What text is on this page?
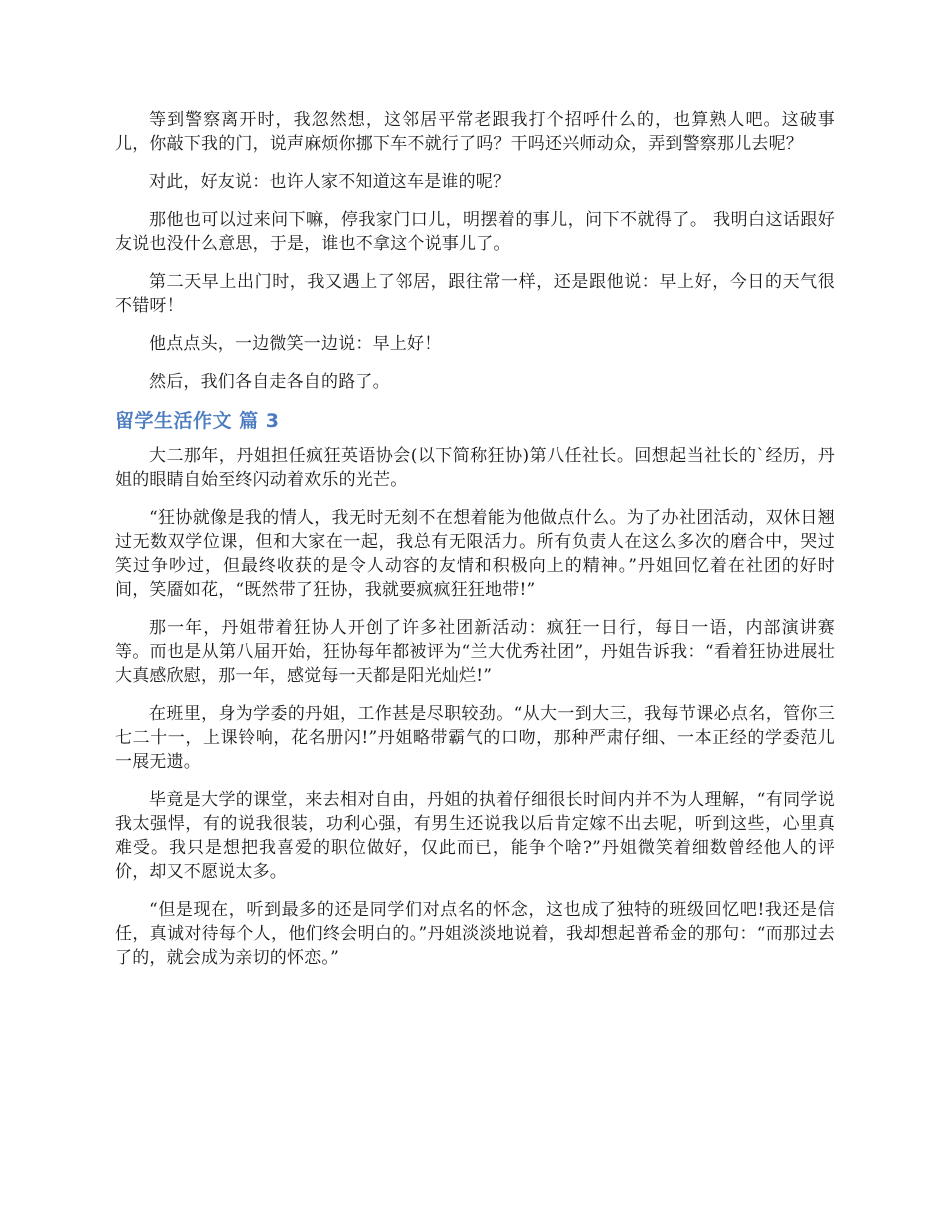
等到警察离开时，我忽然想，这邻居平常老跟我打个招呼什么的，也算熟人吧。这破事儿，你敲下我的门，说声麻烦你挪下车不就行了吗？干吗还兴师动众，弄到警察那儿去呢？

对此，好友说：也许人家不知道这车是谁的呢？

那他也可以过来问下嘛，停我家门口儿，明摆着的事儿，问下不就得了。 我明白这话跟好友说也没什么意思，于是，谁也不拿这个说事儿了。

第二天早上出门时，我又遇上了邻居，跟往常一样，还是跟他说：早上好，今日的天气很不错呀！

他点点头，一边微笑一边说：早上好！

然后，我们各自走各自的路了。

留学生活作文 篇 3

大二那年，丹姐担任疯狂英语协会(以下简称狂协)第八任社长。回想起当社长的`经历，丹姐的眼睛自始至终闪动着欢乐的光芒。

“狂协就像是我的情人，我无时无刻不在想着能为他做点什么。为了办社团活动，双休日翘过无数双学位课，但和大家在一起，我总有无限活力。所有负责人在这么多次的磨合中，哭过笑过争吵过，但最终收获的是令人动容的友情和积极向上的精神。”丹姐回忆着在社团的好时间，笑靥如花，“既然带了狂协，我就要疯疯狂狂地带!”

那一年，丹姐带着狂协人开创了许多社团新活动：疯狂一日行，每日一语，内部演讲赛等。而也是从第八届开始，狂协每年都被评为“兰大优秀社团”，丹姐告诉我：“看着狂协进展壮大真感欣慰，那一年，感觉每一天都是阳光灿烂!”

在班里，身为学委的丹姐，工作甚是尽职较劲。“从大一到大三，我每节课必点名，管你三七二十一，上课铃响，花名册闪!”丹姐略带霸气的口吻，那种严肃仔细、一本正经的学委范儿一展无遗。

毕竟是大学的课堂，来去相对自由，丹姐的执着仔细很长时间内并不为人理解，“有同学说我太强悍，有的说我很装，功利心强，有男生还说我以后肯定嫁不出去呢，听到这些，心里真难受。我只是想把我喜爱的职位做好，仅此而已，能争个啥?”丹姐微笑着细数曾经他人的评价，却又不愿说太多。

“但是现在，听到最多的还是同学们对点名的怀念，这也成了独特的班级回忆吧!我还是信任，真诚对待每个人，他们终会明白的。”丹姐淡淡地说着，我却想起普希金的那句：“而那过去了的，就会成为亲切的怀恋。”
